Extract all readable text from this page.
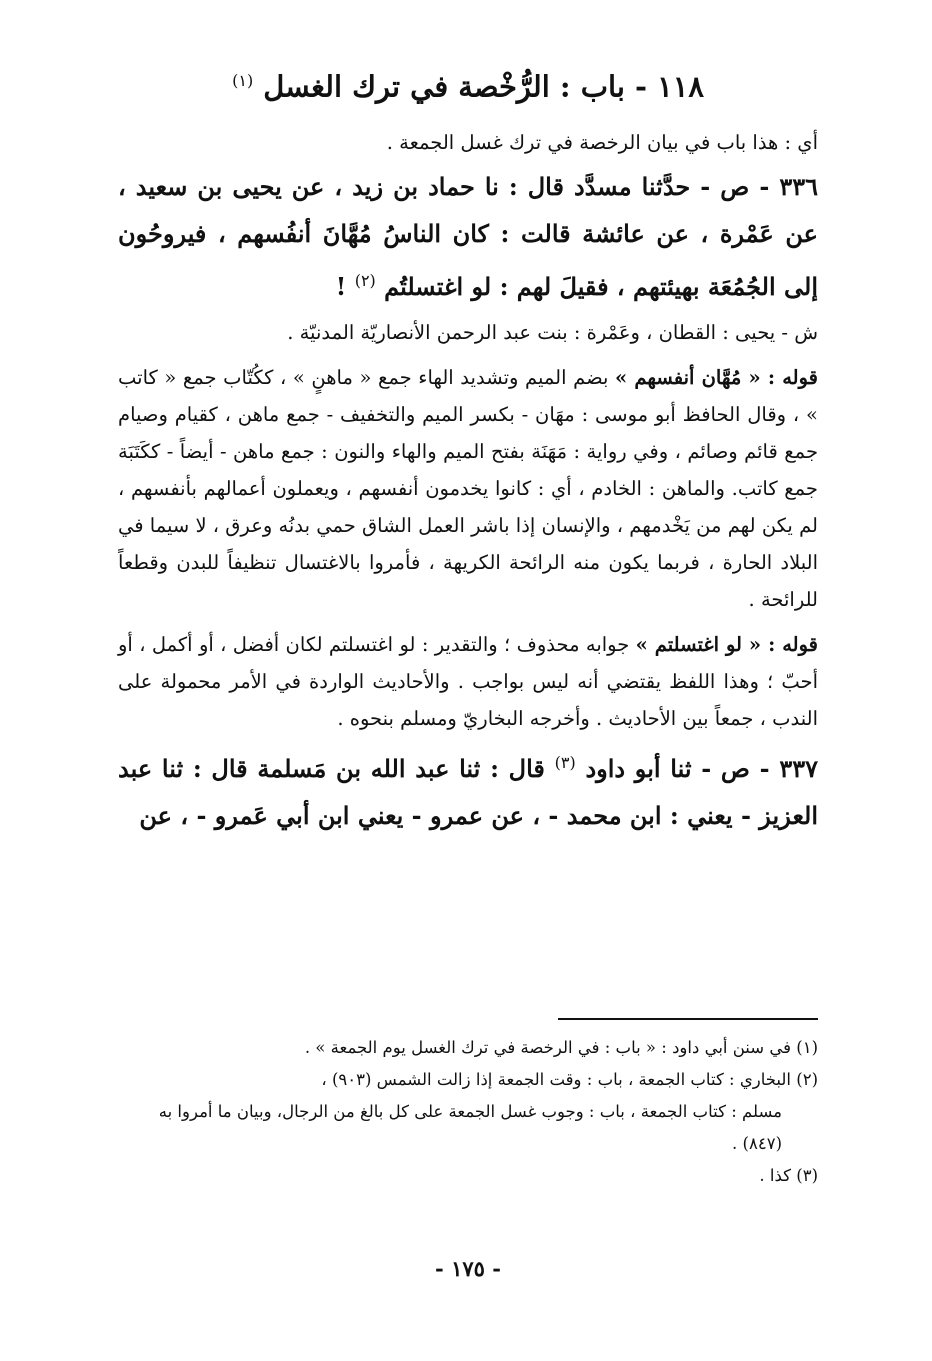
١١٨ - باب : الرُّخْصة في ترك الغسل $^{(١)}$

أي : هذا باب في بيان الرخصة في ترك غسل الجمعة .

٣٣٦ - ص - حدَّثنا مسدَّد قال : نا حماد بن زيد ، عن يحيى بن سعيد ، عن عَمْرة ، عن عائشة قالت : كان الناسُ مُهَّانَ أنفُسهم ، فيروحُون إلى الجُمُعَة بهيئتهم ، فقيلَ لهم : لو اغتسلتُم $^{(٢)}$ !

ش - يحيى : القطان ، وعَمْرة : بنت عبد الرحمن الأنصاريّة المدنيّة .

قوله : « مُهَّان أنفسهم » بضم الميم وتشديد الهاء جمع « ماهنٍ » ، ككُتّاب جمع « كاتب » ، وقال الحافظ أبو موسى : مهَان - بكسر الميم والتخفيف - جمع ماهن ، كقيام وصيام جمع قائم وصائم ، وفي رواية : مَهَنَة بفتح الميم والهاء والنون : جمع ماهن - أيضاً - ككَتَبَة جمع كاتب. والماهن : الخادم ، أي : كانوا يخدمون أنفسهم ، ويعملون أعمالهم بأنفسهم ، لم يكن لهم من يَخْدمهم ، والإنسان إذا باشر العمل الشاق حمي بدنُه وعرق ، لا سيما في البلاد الحارة ، فربما يكون منه الرائحة الكريهة ، فأمروا بالاغتسال تنظيفاً للبدن وقطعاً للرائحة .

قوله : « لو اغتسلتم » جوابه محذوف ؛ والتقدير : لو اغتسلتم لكان أفضل ، أو أكمل ، أو أحبّ ؛ وهذا اللفظ يقتضي أنه ليس بواجب . والأحاديث الواردة في الأمر محمولة على الندب ، جمعاً بين الأحاديث . وأخرجه البخاريّ ومسلم بنحوه .

٣٣٧ - ص - ثنا أبو داود $^{(٣)}$ قال : ثنا عبد الله بن مَسلمة قال : ثنا عبد العزيز - يعني : ابن محمد - ، عن عمرو - يعني ابن أبي عَمرو - ، عن

(١) في سنن أبي داود : « باب : في الرخصة في ترك الغسل يوم الجمعة » .

(٢) البخاري : كتاب الجمعة ، باب : وقت الجمعة إذا زالت الشمس (٩٠٣) ،

مسلم : كتاب الجمعة ، باب : وجوب غسل الجمعة على كل بالغ من الرجال، وبيان ما أمروا به (٨٤٧) .

(٣) كذا .

- ١٧٥ -
